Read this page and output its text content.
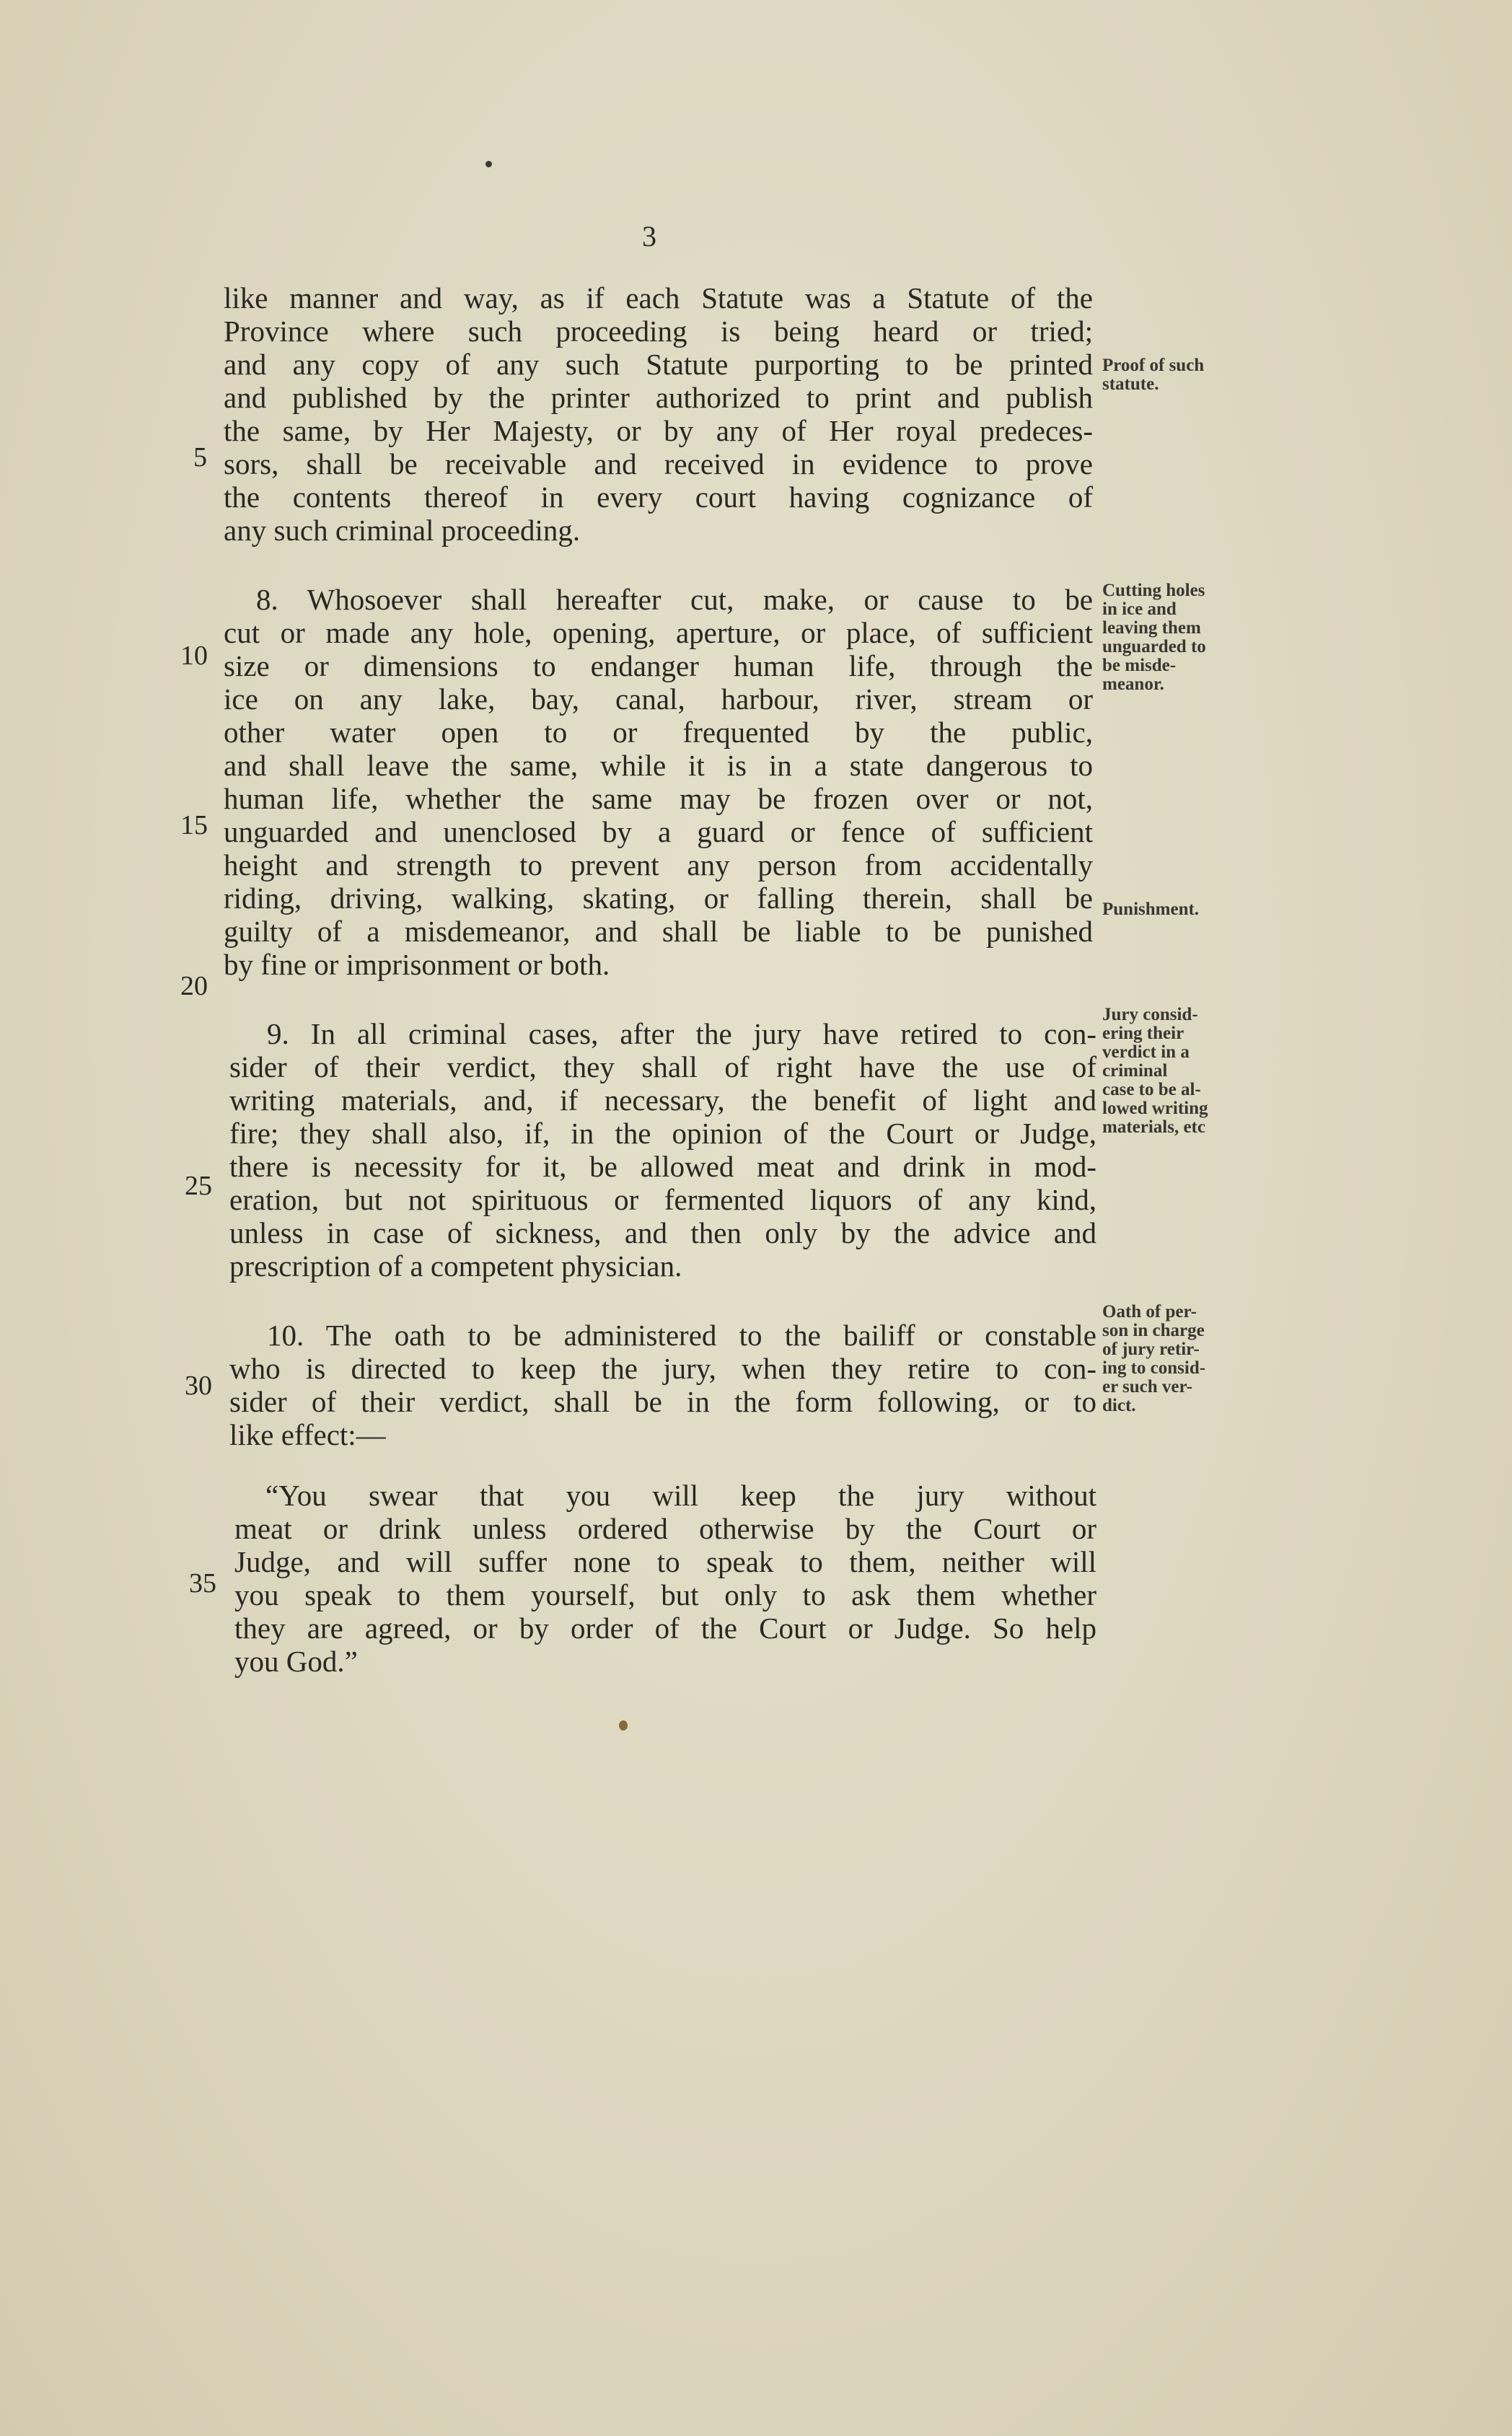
3
like manner and way, as if each Statute was a Statute of the
Province where such proceeding is being heard or tried;
and any copy of any such Statute purporting to be printed
and published by the printer authorized to print and publish
the same, by Her Majesty, or by any of Her royal predeces-
sors, shall be receivable and received in evidence to prove
the contents thereof in every court having cognizance of
any such criminal proceeding.
8. Whosoever shall hereafter cut, make, or cause to be
cut or made any hole, opening, aperture, or place, of sufficient
size or dimensions to endanger human life, through the
ice on any lake, bay, canal, harbour, river, stream or
other water open to or frequented by the public,
and shall leave the same, while it is in a state dangerous to
human life, whether the same may be frozen over or not,
unguarded and unenclosed by a guard or fence of sufficient
height and strength to prevent any person from accidentally
riding, driving, walking, skating, or falling therein, shall be
guilty of a misdemeanor, and shall be liable to be punished
by fine or imprisonment or both.
9. In all criminal cases, after the jury have retired to con-
sider of their verdict, they shall of right have the use of
writing materials, and, if necessary, the benefit of light and
fire; they shall also, if, in the opinion of the Court or Judge,
there is necessity for it, be allowed meat and drink in mod-
eration, but not spirituous or fermented liquors of any kind,
unless in case of sickness, and then only by the advice and
prescription of a competent physician.
10. The oath to be administered to the bailiff or constable
who is directed to keep the jury, when they retire to con-
sider of their verdict, shall be in the form following, or to
like effect:—
“You swear that you will keep the jury without
meat or drink unless ordered otherwise by the Court or
Judge, and will suffer none to speak to them, neither will
you speak to them yourself, but only to ask them whether
they are agreed, or by order of the Court or Judge. So help
you God.”
5
10
15
20
25
30
35
Proof of such
statute.
Cutting holes
in ice and
leaving them
unguarded to
be misde-
meanor.
Punishment.
Jury consid-
ering their
verdict in a
criminal
case to be al-
lowed writing
materials, etc
Oath of per-
son in charge
of jury retir-
ing to consid-
er such ver-
dict.
